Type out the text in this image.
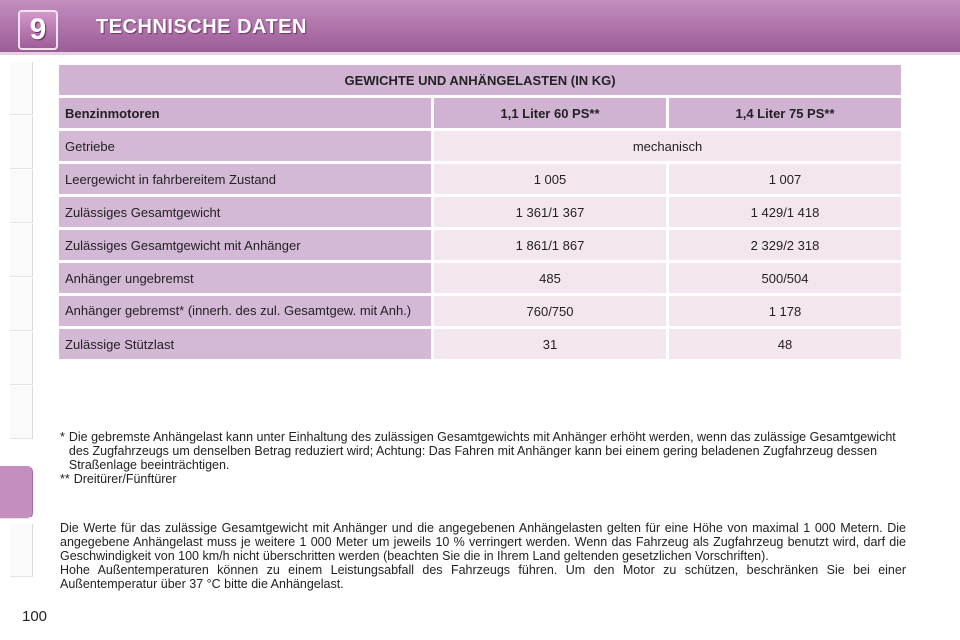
9	TECHNISCHE DATEN
GEWICHTE UND ANHÄNGELASTEN (IN KG)		
Benzinmotoren	1,1 Liter 60 PS**	1,4 Liter 75 PS**
Getriebe	mechanisch	
Leergewicht in fahrbereitem Zustand	1 005	1 007
Zulässiges Gesamtgewicht	1 361/1 367	1 429/1 418
Zulässiges Gesamtgewicht mit Anhänger	1 861/1 867	2 329/2 318
Anhänger ungebremst	485	500/504
Anhänger gebremst* (innerh. des zul. Gesamtgew. mit Anh.)	760/750	1 178
Zulässige Stützlast	31	48
* Die gebremste Anhängelast kann unter Einhaltung des zulässigen Gesamtgewichts mit Anhänger erhöht werden, wenn das zulässige Gesamtgewicht des Zugfahrzeugs um denselben Betrag reduziert wird; Achtung: Das Fahren mit Anhänger kann bei einem gering beladenen Zugfahrzeug dessen Straßenlage beeinträchtigen.
** Dreitürer/Fünftürer
Die Werte für das zulässige Gesamtgewicht mit Anhänger und die angegebenen Anhängelasten gelten für eine Höhe von maximal 1 000 Metern. Die angegebene Anhängelast muss je weitere 1 000 Meter um jeweils 10 % verringert werden. Wenn das Fahrzeug als Zugfahrzeug benutzt wird, darf die Geschwindigkeit von 100 km/h nicht überschritten werden (beachten Sie die in Ihrem Land geltenden gesetzlichen Vorschriften).
Hohe Außentemperaturen können zu einem Leistungsabfall des Fahrzeugs führen. Um den Motor zu schützen, beschränken Sie bei einer Außentemperatur über 37 °C bitte die Anhängelast.
100
